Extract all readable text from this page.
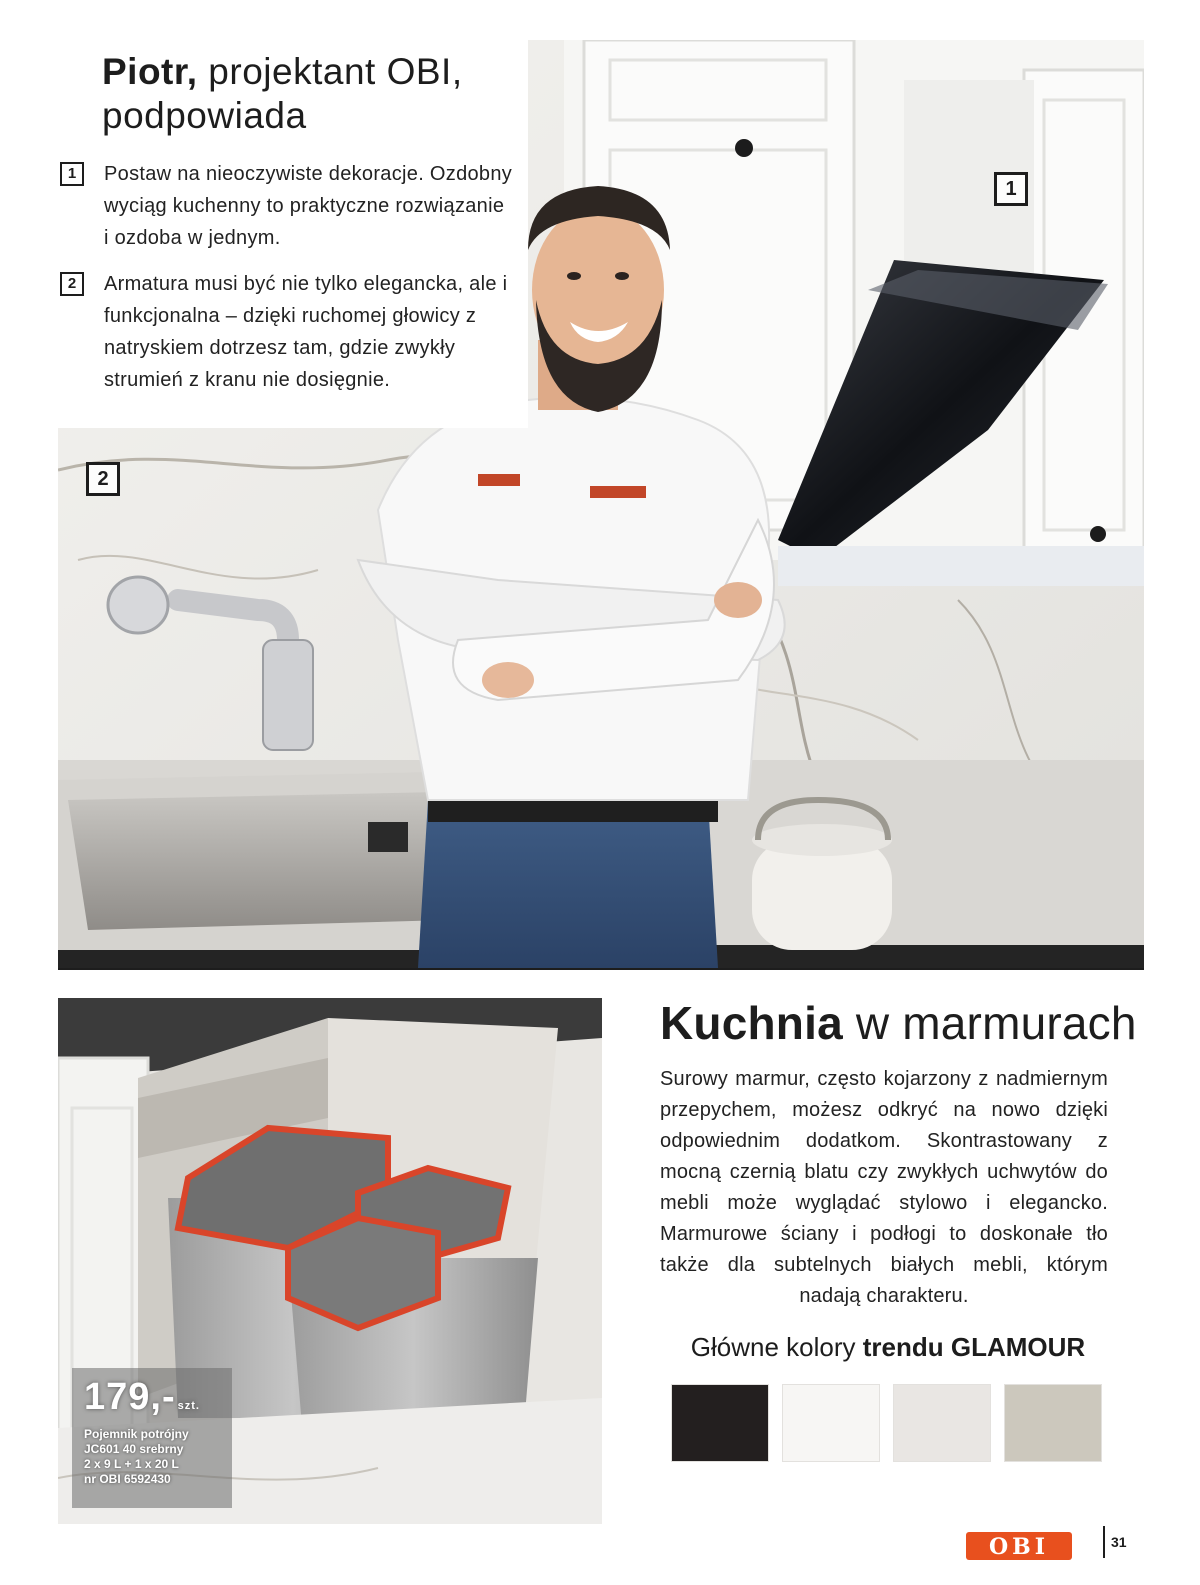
Piotr, projektant OBI, podpowiada
1	Postaw na nieoczywiste dekoracje. Ozdobny wyciąg kuchenny to praktyczne rozwiązanie i ozdoba w jednym.
2	Armatura musi być nie tylko elegancka, ale i funkcjonalna – dzięki ruchomej głowicy z natryskiem dotrzesz tam, gdzie zwykły strumień z kranu nie dosięgnie.
1
2
179,- szt.
Pojemnik potrójny
JC601 40 srebrny
2 x 9 L + 1 x 20 L
nr OBI 6592430
Kuchnia w marmurach
Surowy marmur, często kojarzony z nadmiernym przepychem, możesz odkryć na nowo dzięki odpowiednim dodatkom. Skontrastowany z mocną czernią blatu czy zwykłych uchwytów do mebli może wyglądać stylowo i elegancko. Marmurowe ściany i podłogi to doskonałe tło także dla subtelnych białych mebli, którym nadają charakteru.
Główne kolory trendu GLAMOUR
OBI	31
